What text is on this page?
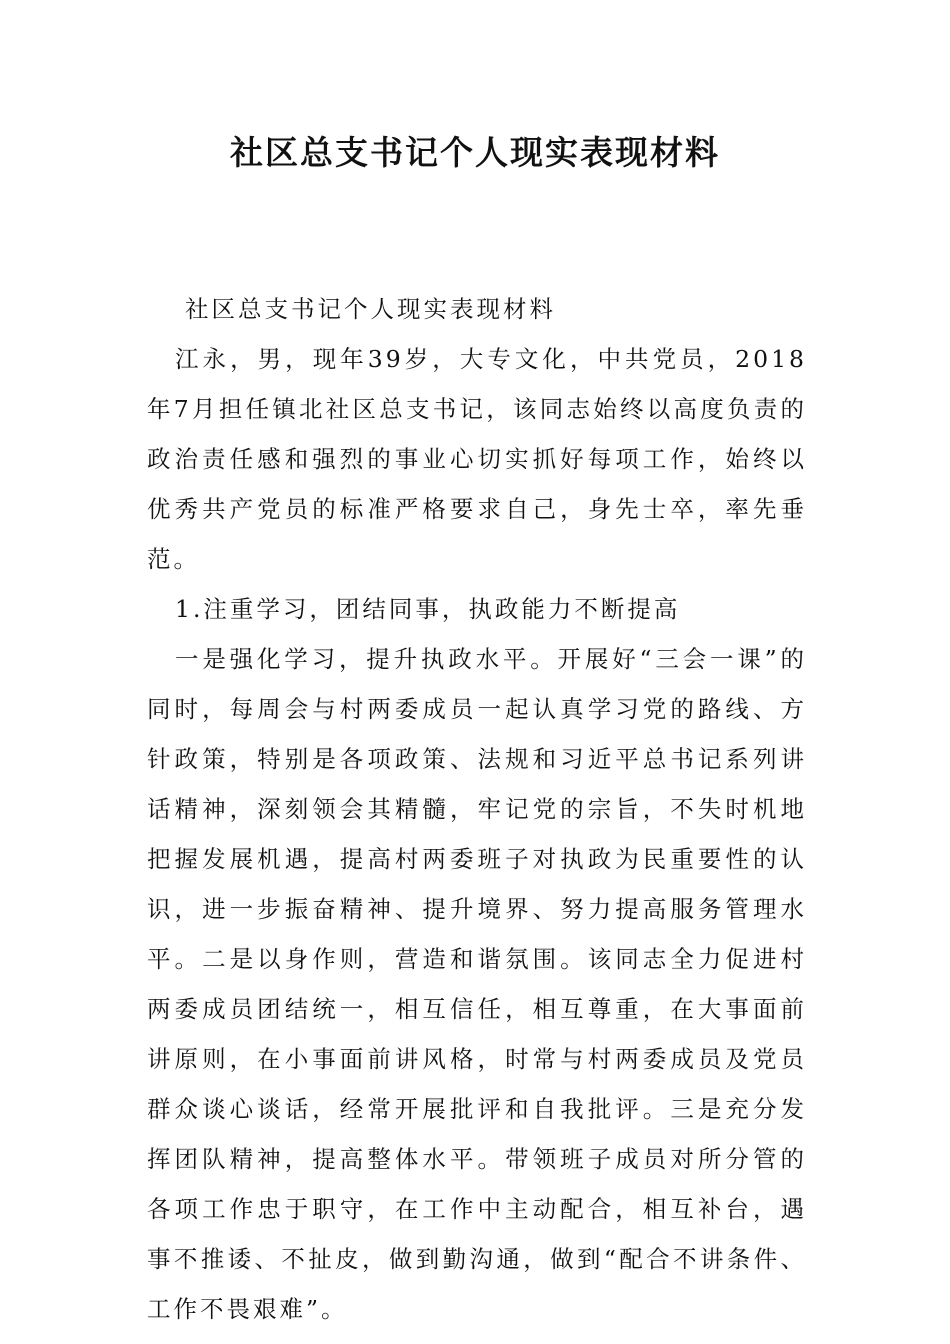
社区总支书记个人现实表现材料

社区总支书记个人现实表现材料

江永，男，现年39岁，大专文化，中共党员，2018年7月担任镇北社区总支书记，该同志始终以高度负责的政治责任感和强烈的事业心切实抓好每项工作，始终以优秀共产党员的标准严格要求自己，身先士卒，率先垂范。

1.注重学习，团结同事，执政能力不断提高

一是强化学习，提升执政水平。开展好“三会一课”的同时，每周会与村两委成员一起认真学习党的路线、方针政策，特别是各项政策、法规和习近平总书记系列讲话精神，深刻领会其精髓，牢记党的宗旨，不失时机地把握发展机遇，提高村两委班子对执政为民重要性的认识，进一步振奋精神、提升境界、努力提高服务管理水平。二是以身作则，营造和谐氛围。该同志全力促进村两委成员团结统一，相互信任，相互尊重，在大事面前讲原则，在小事面前讲风格，时常与村两委成员及党员群众谈心谈话，经常开展批评和自我批评。三是充分发挥团队精神，提高整体水平。带领班子成员对所分管的各项工作忠于职守，在工作中主动配合，相互补台，遇事不推诿、不扯皮，做到勤沟通，做到“配合不讲条件、工作不畏艰难”。
